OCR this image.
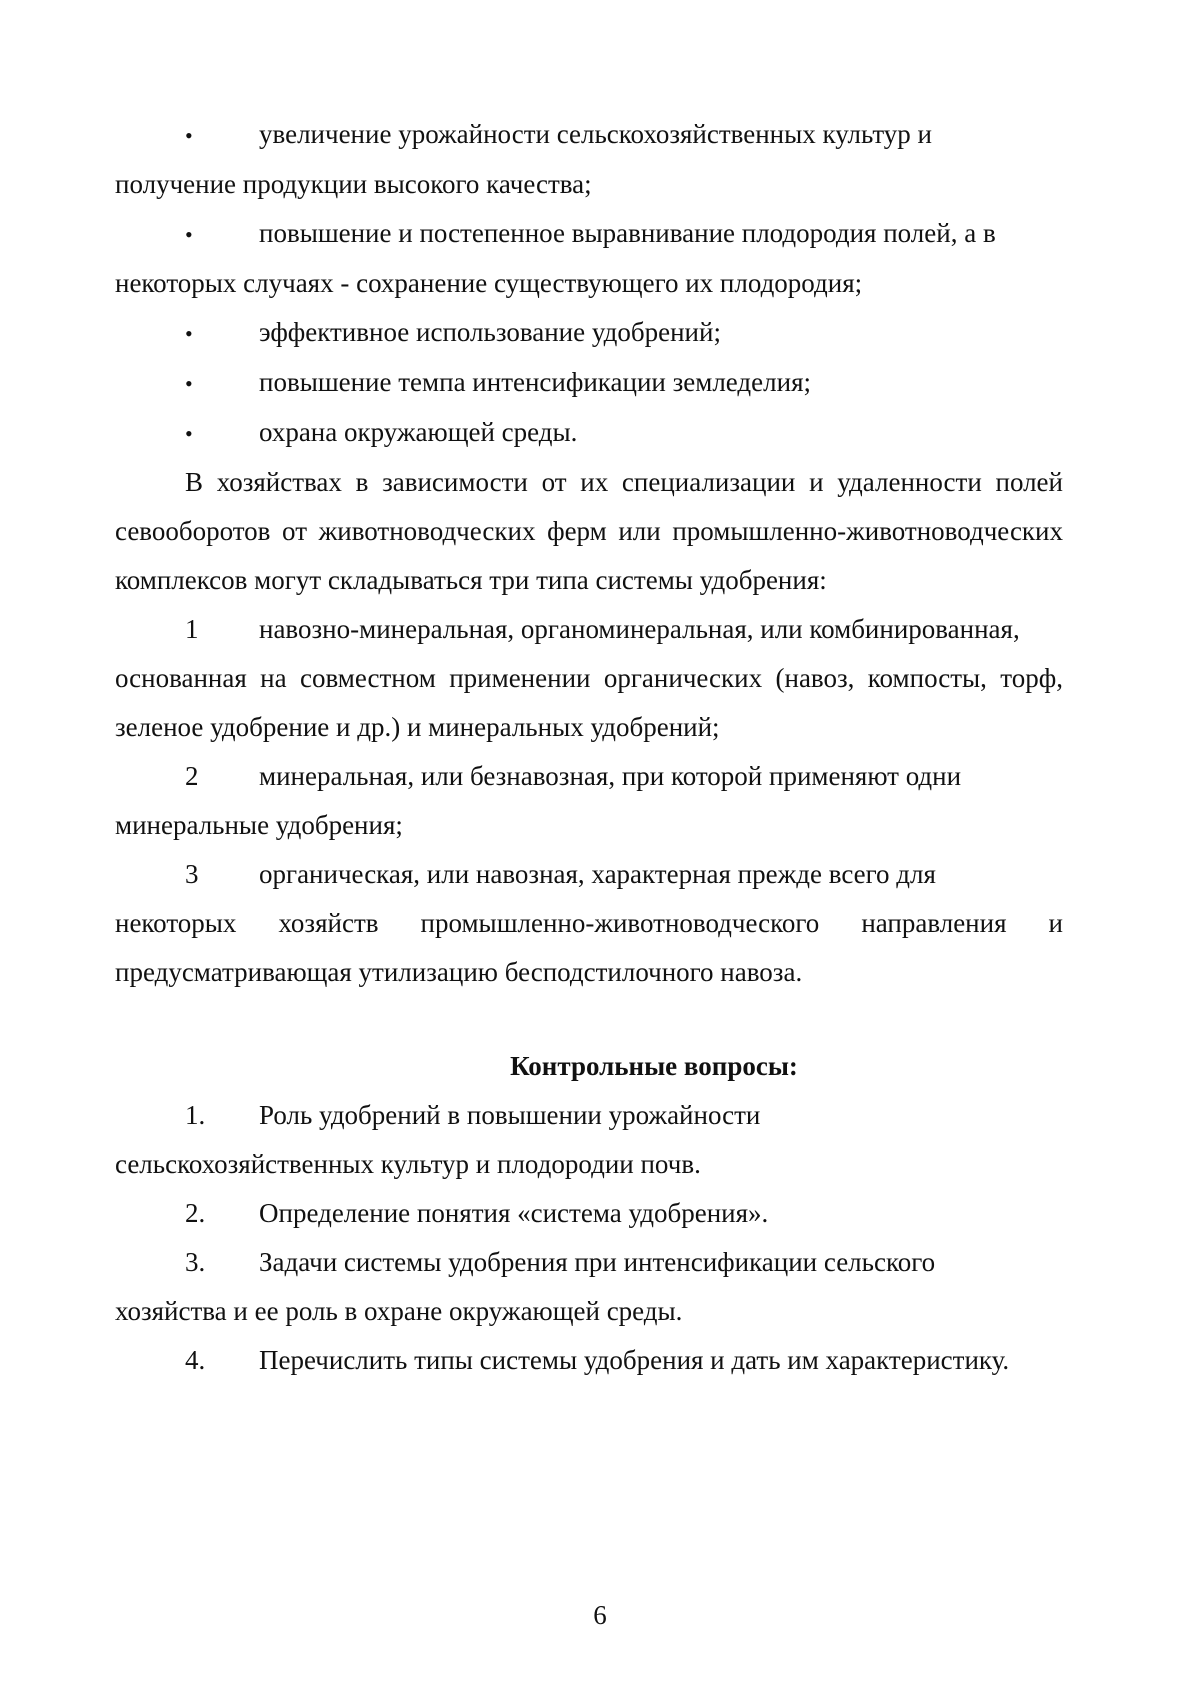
•	увеличение урожайности сельскохозяйственных культур и
получение продукции высокого качества;
•	повышение и постепенное выравнивание плодородия полей, а в
некоторых случаях - сохранение существующего их плодородия;
•	эффективное использование удобрений;
•	повышение темпа интенсификации земледелия;
•	охрана окружающей среды.
В хозяйствах в зависимости от их специализации и удаленности полей севооборотов от животноводческих ферм или промышленно-животноводческих комплексов могут складываться три типа системы удобрения:
1	навозно-минеральная, органоминеральная, или комбинированная,
основанная на совместном применении органических (навоз, компосты, торф, зеленое удобрение и др.) и минеральных удобрений;
2	минеральная, или безнавозная, при которой применяют одни
минеральные удобрения;
3	органическая, или навозная, характерная прежде всего для
некоторых хозяйств промышленно-животноводческого направления и предусматривающая утилизацию бесподстилочного навоза.
Контрольные вопросы:
1.	Роль удобрений в повышении урожайности
сельскохозяйственных культур и плодородии почв.
2.	Определение понятия «система удобрения».
3.	Задачи системы удобрения при интенсификации сельского
хозяйства и ее роль в охране окружающей среды.
4.	Перечислить типы системы удобрения и дать им характеристику.
6
